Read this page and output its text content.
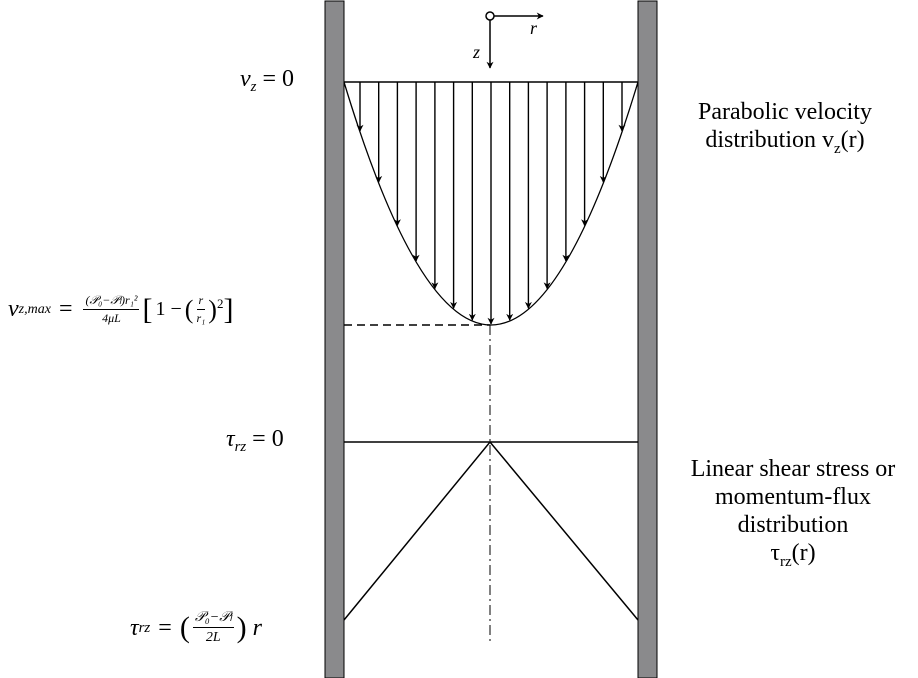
r
z
$v_z = 0$
v $z,\max = \frac{\text{(𝒫₀−𝒫ₗ)r₁²}}{4\mu L}$ [ 1 − ( $\frac{r}{\text{r₁}}$ ) 2 ]
$\tau_{rz} = 0$
τ rz = ( $\frac{\text{𝒫₀−𝒫ₗ}}{2L}$ ) r
Parabolic velocity
distribution $v_z(r)$
Linear shear stress or
momentum-flux
distribution
$\tau_{rz}(r)$
